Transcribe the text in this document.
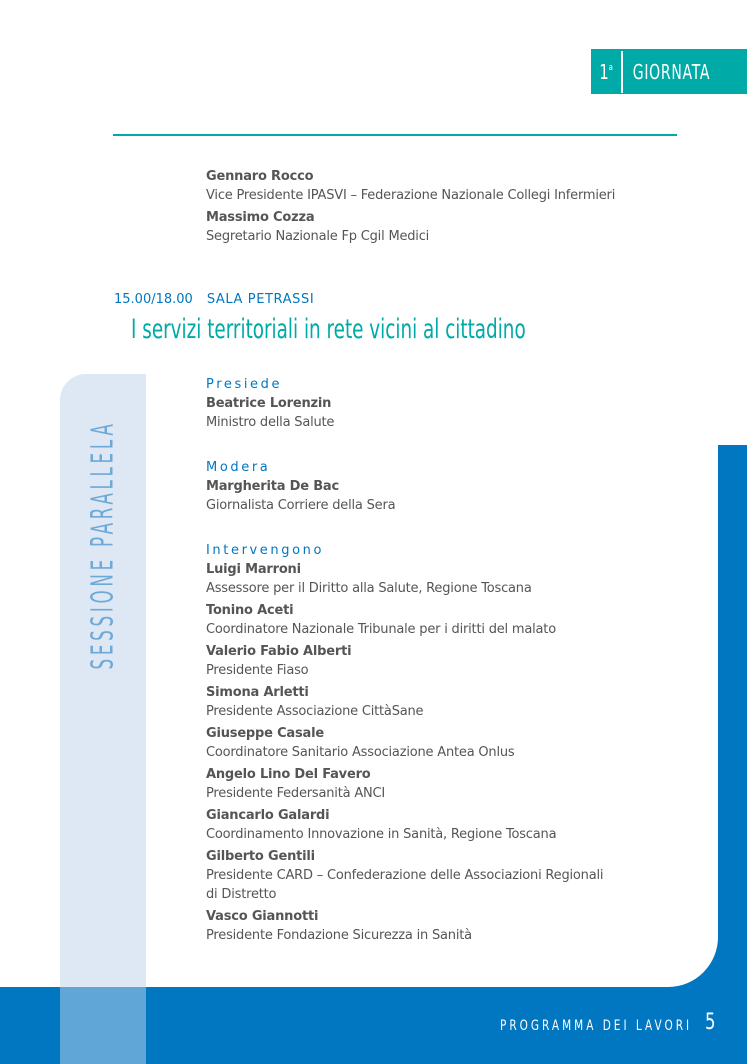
SESSIONE PARALLELA
1$^a$ GIORNATA
Gennaro Rocco
Vice Presidente IPASVI – Federazione Nazionale Collegi Infermieri
Massimo Cozza
Segretario Nazionale Fp Cgil Medici
15.00/18.00 SALA PETRASSI
I servizi territoriali in rete vicini al cittadino
Presiede
Beatrice Lorenzin
Ministro della Salute
Modera
Margherita De Bac
Giornalista Corriere della Sera
Intervengono
Luigi Marroni
Assessore per il Diritto alla Salute, Regione Toscana
Tonino Aceti
Coordinatore Nazionale Tribunale per i diritti del malato
Valerio Fabio Alberti
Presidente Fiaso
Simona Arletti
Presidente Associazione CittàSane
Giuseppe Casale
Coordinatore Sanitario Associazione Antea Onlus
Angelo Lino Del Favero
Presidente Federsanità ANCI
Giancarlo Galardi
Coordinamento Innovazione in Sanità, Regione Toscana
Gilberto Gentili
Presidente CARD – Confederazione delle Associazioni Regionali
di Distretto
Vasco Giannotti
Presidente Fondazione Sicurezza in Sanità
PROGRAMMA DEI LAVORI 5
